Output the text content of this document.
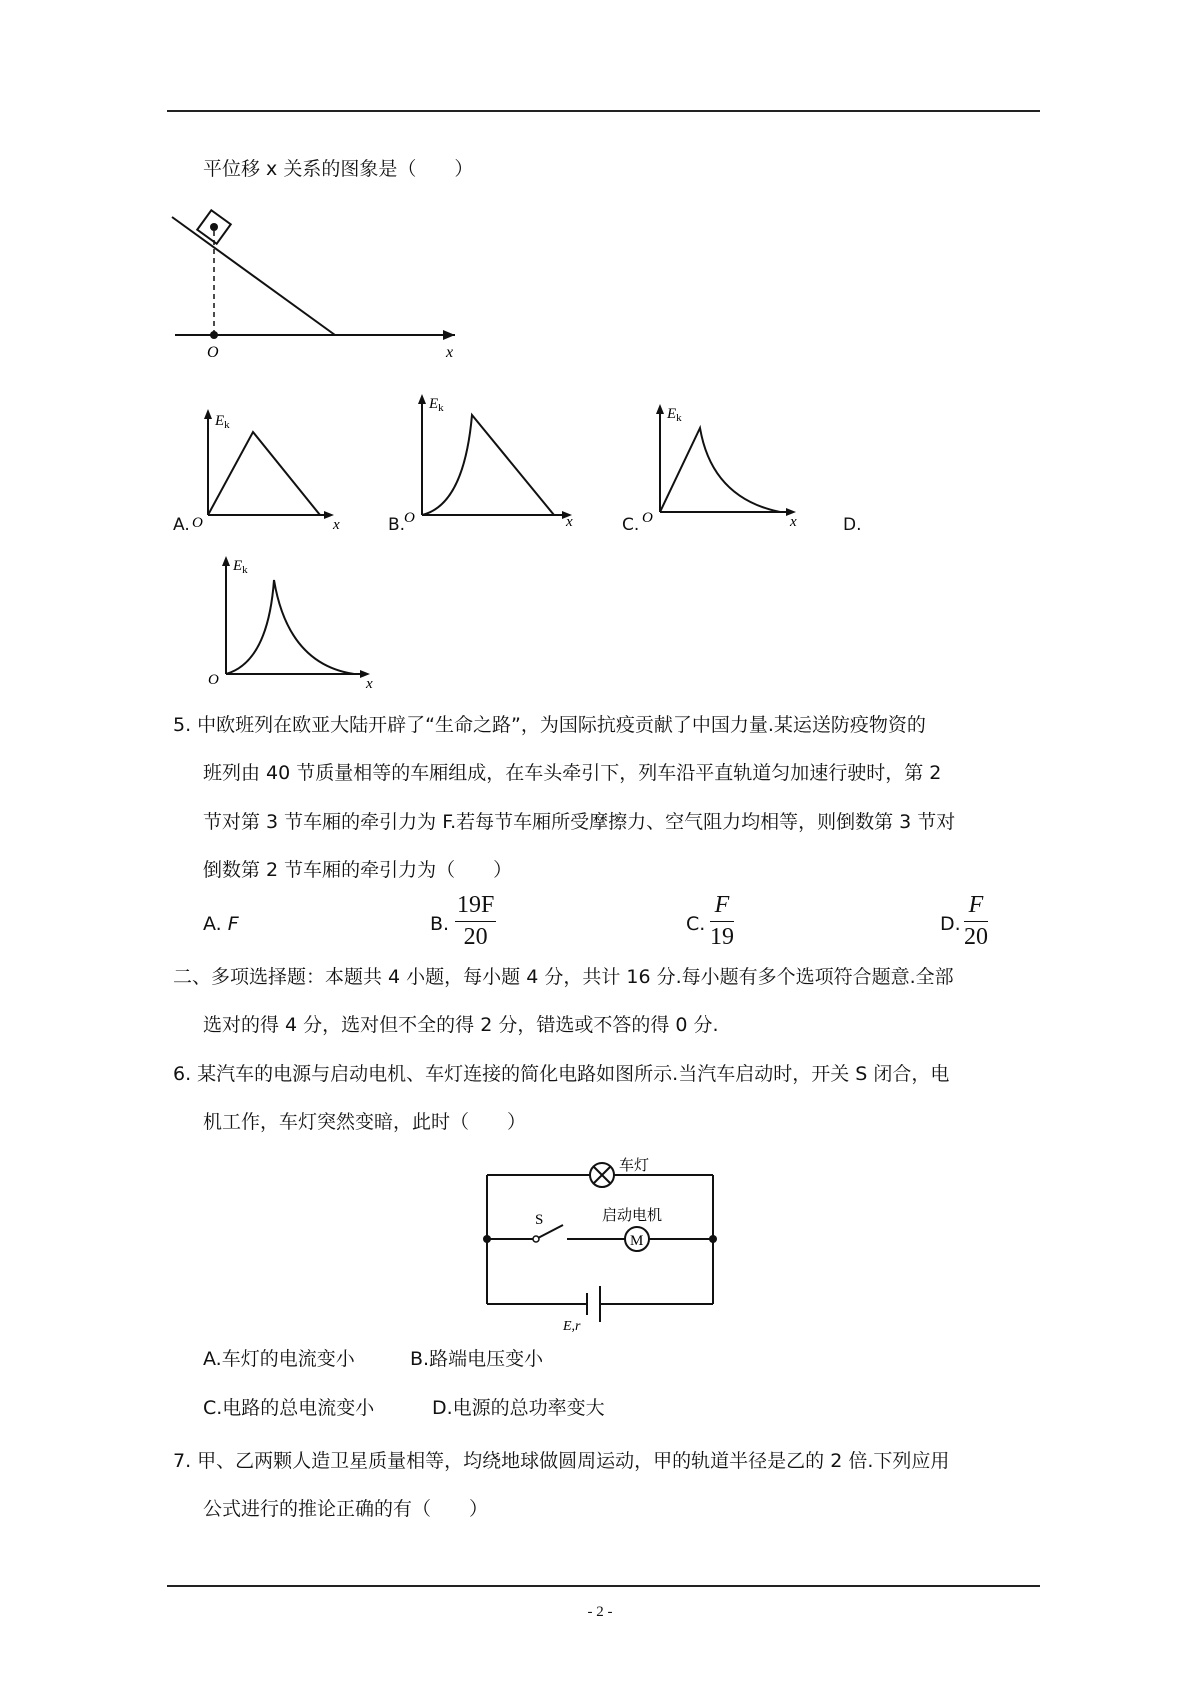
平位移 x 关系的图象是（　　）
O	x
A.	B.	C.	D.
$E_k$
O	x
$E_k$
O	x
$E_k$
O	x
$E_k$
O	x
5. 中欧班列在欧亚大陆开辟了“生命之路”，为国际抗疫贡献了中国力量.某运送防疫物资的
班列由 40 节质量相等的车厢组成，在车头牵引下，列车沿平直轨道匀加速行驶时，第 2
节对第 3 节车厢的牵引力为 F.若每节车厢所受摩擦力、空气阻力均相等，则倒数第 3 节对
倒数第 2 节车厢的牵引力为（　　）
A. F	B. $\frac{19F}{20}$	C. $\frac{F}{19}$	D. $\frac{F}{20}$
二、多项选择题：本题共 4 小题，每小题 4 分，共计 16 分.每小题有多个选项符合题意.全部
选对的得 4 分，选对但不全的得 2 分，错选或不答的得 0 分.
6. 某汽车的电源与启动电机、车灯连接的简化电路如图所示.当汽车启动时，开关 S 闭合，电
机工作，车灯突然变暗，此时（　　）
车灯
S
M
启动电机
E,r
A.车灯的电流变小	B.路端电压变小
C.电路的总电流变小	D.电源的总功率变大
7. 甲、乙两颗人造卫星质量相等，均绕地球做圆周运动，甲的轨道半径是乙的 2 倍.下列应用
公式进行的推论正确的有（　　）
- 2 -
